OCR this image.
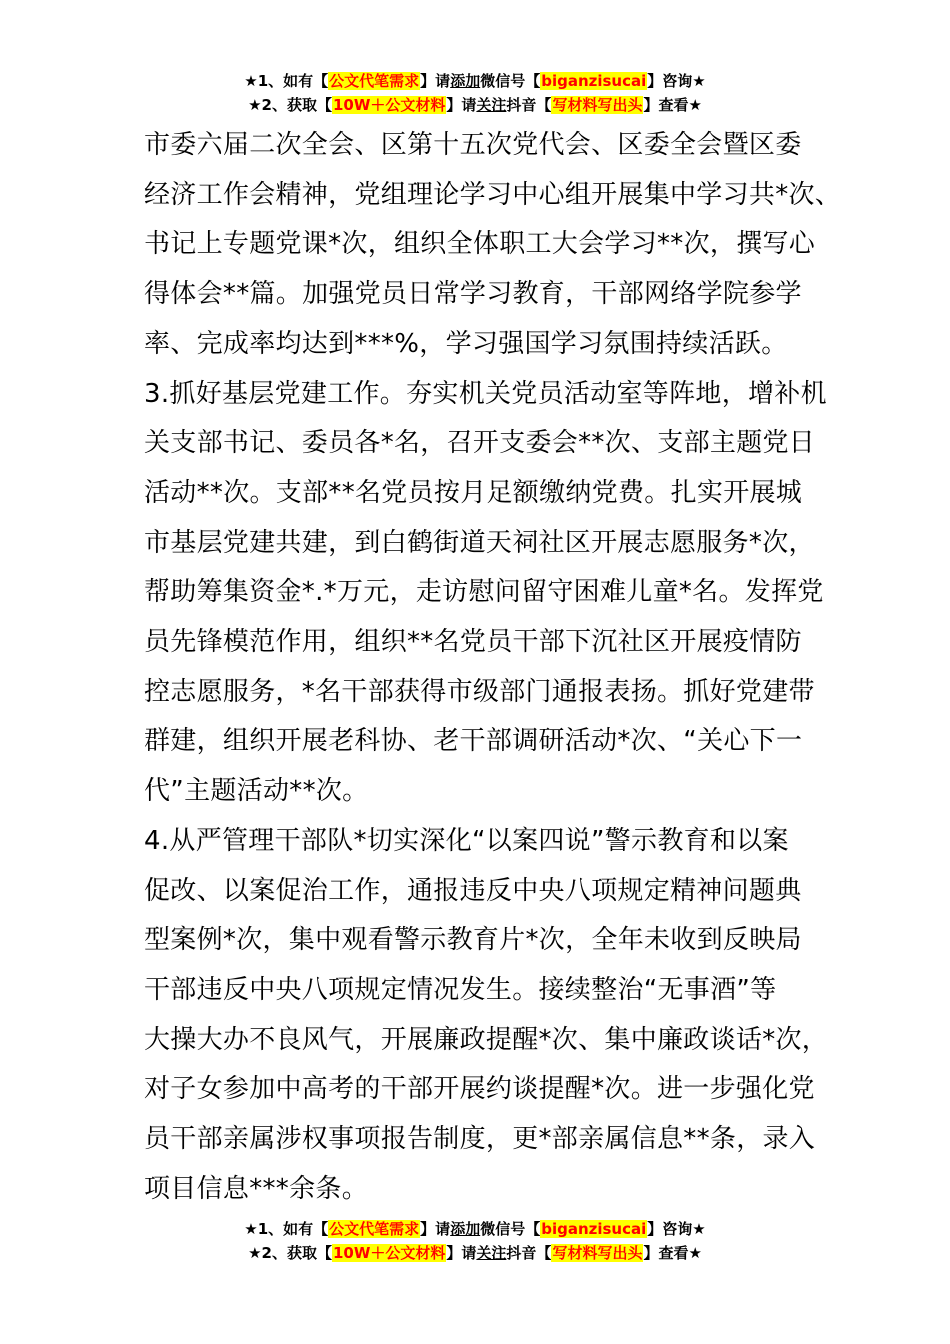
★1、如有【公文代笔需求】请添加微信号【biganzisucai】咨询★
★2、获取【10W＋公文材料】请关注抖音【写材料写出头】查看★

市委六届二次全会、区第十五次党代会、区委全会暨区委

经济工作会精神，党组理论学习中心组开展集中学习共*次、

书记上专题党课*次，组织全体职工大会学习**次，撰写心

得体会**篇。加强党员日常学习教育，干部网络学院参学

率、完成率均达到***%，学习强国学习氛围持续活跃。

3.抓好基层党建工作。夯实机关党员活动室等阵地，增补机

关支部书记、委员各*名，召开支委会**次、支部主题党日

活动**次。支部**名党员按月足额缴纳党费。扎实开展城

市基层党建共建，到白鹤街道天祠社区开展志愿服务*次，

帮助筹集资金*.*万元，走访慰问留守困难儿童*名。发挥党

员先锋模范作用，组织**名党员干部下沉社区开展疫情防

控志愿服务，*名干部获得市级部门通报表扬。抓好党建带

群建，组织开展老科协、老干部调研活动*次、“关心下一

代”主题活动**次。

4.从严管理干部队*切实深化“以案四说”警示教育和以案

促改、以案促治工作，通报违反中央八项规定精神问题典

型案例*次，集中观看警示教育片*次，全年未收到反映局

干部违反中央八项规定情况发生。接续整治“无事酒”等

大操大办不良风气，开展廉政提醒*次、集中廉政谈话*次，

对子女参加中高考的干部开展约谈提醒*次。进一步强化党

员干部亲属涉权事项报告制度，更*部亲属信息**条，录入

项目信息***余条。

★1、如有【公文代笔需求】请添加微信号【biganzisucai】咨询★
★2、获取【10W＋公文材料】请关注抖音【写材料写出头】查看★
